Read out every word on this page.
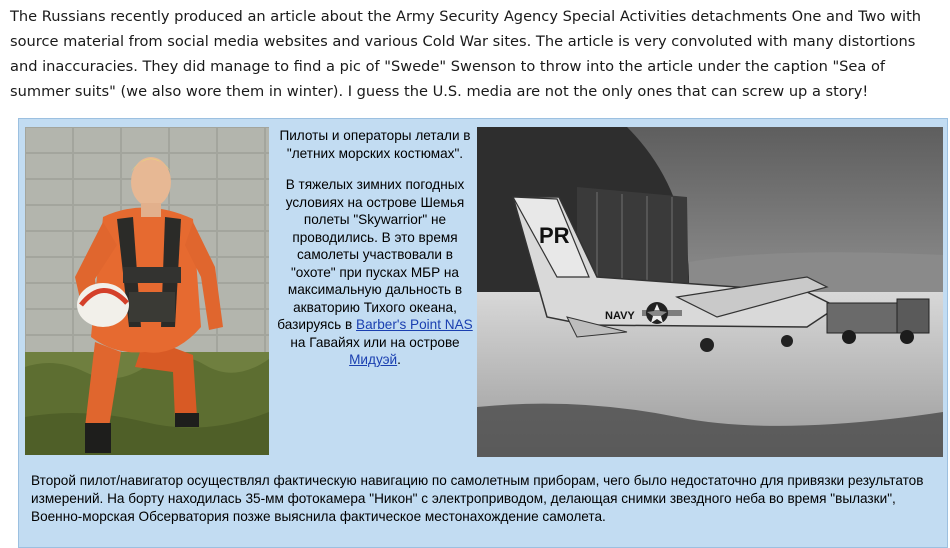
The Russians recently produced an article about the Army Security Agency Special Activities detachments One and Two with source material from social media websites and various Cold War sites. The article is very convoluted with many distortions and inaccuracies. They did manage to find a pic of "Swede" Swenson to throw into the article under the caption "Sea of summer suits" (we also wore them in winter). I guess the U.S. media are not the only ones that can screw up a story!

Пилоты и операторы летали в "летних морских костюмах".

В тяжелых зимних погодных условиях на острове Шемья полеты "Skywarrior" не проводились. В это время самолеты участвовали в "охоте" при пусках МБР на максимальную дальность в акваторию Тихого океана, базируясь в Barber's Point NAS на Гавайях или на острове Мидуэй.

PR
NAVY
Второй пилот/навигатор осуществлял фактическую навигацию по самолетным приборам, чего было недостаточно для привязки результатов измерений. На борту находилась 35-мм фотокамера "Никон" с электроприводом, делающая снимки звездного неба во время "вылазки", Военно-морская Обсерватория позже выяснила фактическое местонахождение самолета.
